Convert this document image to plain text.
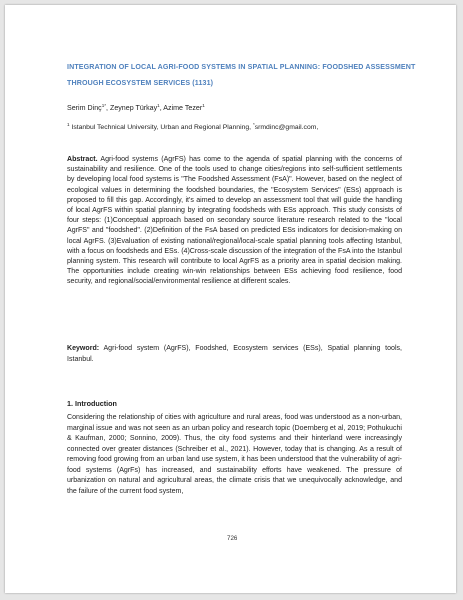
INTEGRATION OF LOCAL AGRI-FOOD SYSTEMS IN SPATIAL PLANNING: FOODSHED ASSESSMENT THROUGH ECOSYSTEM SERVICES (1131)
Serim Dinç$^{1*}$, Zeynep Türkay$^1$, Azime Tezer$^1$
$^1$ Istanbul Technical University, Urban and Regional Planning, *srmdinc@gmail.com,

Abstract. Agri-food systems (AgrFS) has come to the agenda of spatial planning with the concerns of sustainability and resilience. One of the tools used to change cities/regions into self-sufficient settlements by developing local food systems is "The Foodshed Assessment (FsA)". However, based on the neglect of ecological values in determining the foodshed boundaries, the "Ecosystem Services" (ESs) approach is proposed to fill this gap. Accordingly, it's aimed to develop an assessment tool that will guide the handling of local AgrFS within spatial planning by integrating foodsheds with ESs approach. This study consists of four steps: (1)Conceptual approach based on secondary source literature research related to the "local AgrFS" and "foodshed". (2)Definition of the FsA based on predicted ESs indicators for decision-making on local AgrFS. (3)Evaluation of existing national/regional/local-scale spatial planning tools affecting Istanbul, with a focus on foodsheds and ESs. (4)Cross-scale discussion of the integration of the FsA into the Istanbul planning system. This research will contribute to local AgrFS as a priority area in spatial decision making. The opportunities include creating win-win relationships between ESs achieving food resilience, food security, and regional/social/environmental resilience at different scales.

Keyword: Agri-food system (AgrFS), Foodshed, Ecosystem services (ESs), Spatial planning tools, Istanbul.

1. Introduction

Considering the relationship of cities with agriculture and rural areas, food was understood as a non-urban, marginal issue and was not seen as an urban policy and research topic (Doernberg et al, 2019; Pothukuchi & Kaufman, 2000; Sonnino, 2009). Thus, the city food systems and their hinterland were increasingly connected over greater distances (Schreiber et al., 2021). However, today that is changing. As a result of removing food growing from an urban land use system, it has been understood that the vulnerability of agri-food systems (AgrFs) has increased, and sustainability efforts have weakened. The pressure of urbanization on natural and agricultural areas, the climate crisis that we unequivocally acknowledge, and the failure of the current food system,

726
